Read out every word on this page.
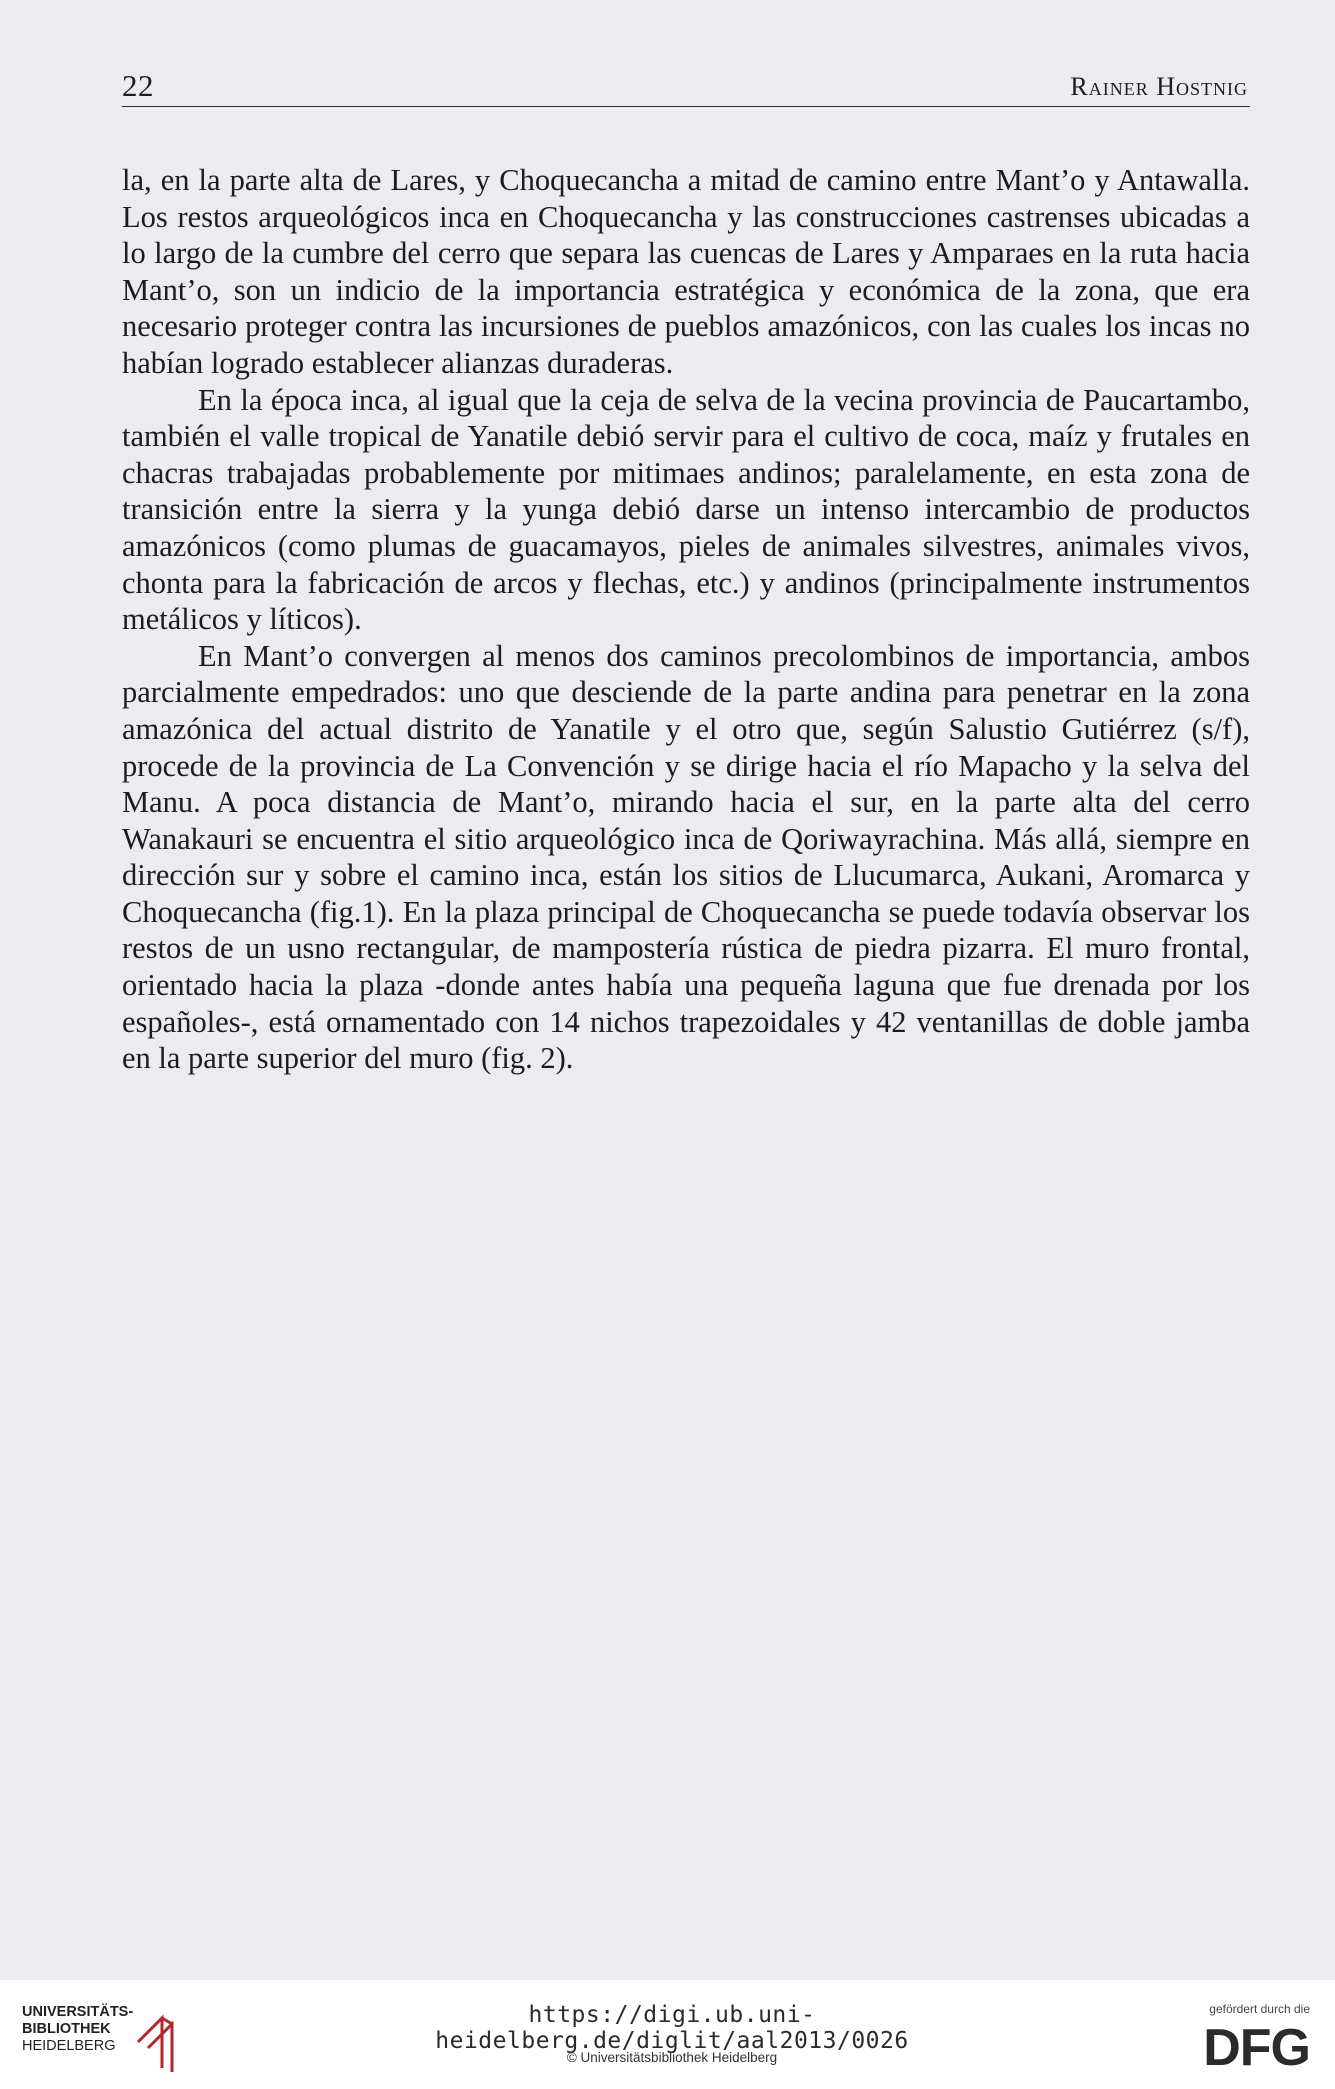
22	Rainer Hostnig

la, en la parte alta de Lares, y Choquecancha a mitad de camino entre Mant’o y Antawalla. Los restos arqueológicos inca en Choquecancha y las construcciones castrenses ubicadas a lo largo de la cumbre del cerro que separa las cuencas de Lares y Amparaes en la ruta hacia Mant’o, son un indicio de la importancia estratégica y económica de la zona, que era necesario proteger contra las incursiones de pueblos amazónicos, con las cuales los incas no habían logrado establecer alianzas duraderas.

En la época inca, al igual que la ceja de selva de la vecina provincia de Paucartambo, también el valle tropical de Yanatile debió servir para el cultivo de coca, maíz y frutales en chacras trabajadas probablemente por mitimaes andinos; paralelamente, en esta zona de transición entre la sierra y la yunga debió darse un intenso intercambio de productos amazónicos (como plumas de guacamayos, pieles de animales silvestres, animales vivos, chonta para la fabricación de arcos y flechas, etc.) y andinos (principalmente instrumentos metálicos y líticos).

En Mant’o convergen al menos dos caminos precolombinos de importancia, ambos parcialmente empedrados: uno que desciende de la parte andina para penetrar en la zona amazónica del actual distrito de Yanatile y el otro que, según Salustio Gutiérrez (s/f), procede de la provincia de La Convención y se dirige hacia el río Mapacho y la selva del Manu. A poca distancia de Mant’o, mirando hacia el sur, en la parte alta del cerro Wanakauri se encuentra el sitio arqueológico inca de Qoriwayrachina. Más allá, siempre en dirección sur y sobre el camino inca, están los sitios de Llucumarca, Aukani, Aromarca y Choquecancha (fig.1). En la plaza principal de Choquecancha se puede todavía observar los restos de un usno rectangular, de mampostería rústica de piedra pizarra. El muro frontal, orientado hacia la plaza -donde antes había una pequeña laguna que fue drenada por los españoles-, está ornamentado con 14 nichos trapezoidales y 42 ventanillas de doble jamba en la parte superior del muro (fig. 2).

UNIVERSITÄTS-
BIBLIOTHEK
HEIDELBERG
https://digi.ub.uni-heidelberg.de/diglit/aal2013/0026
© Universitätsbibliothek Heidelberg
gefördert durch die
DFG
